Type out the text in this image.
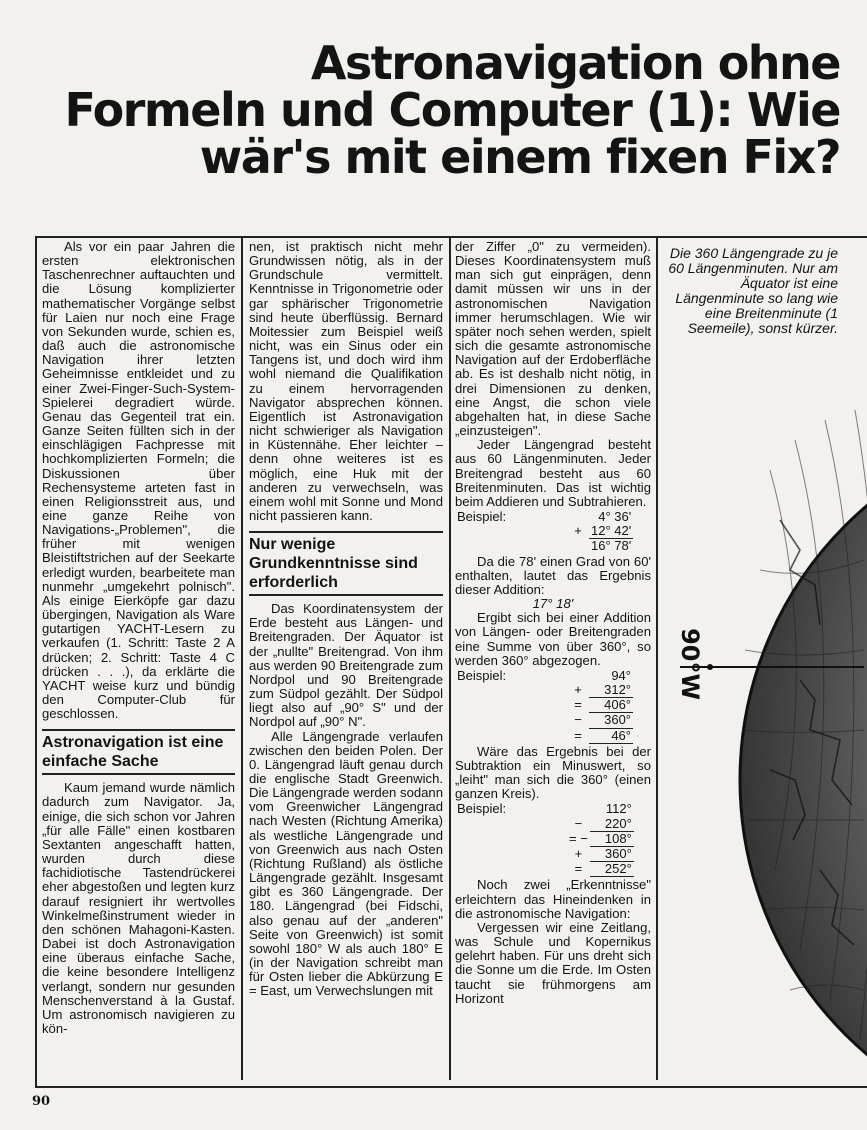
Astronavigation ohne
Formeln und Computer (1): Wie
wär's mit einem fixen Fix?

Als vor ein paar Jahren die ersten elektronischen Taschenrechner auftauchten und die Lösung komplizierter mathematischer Vorgänge selbst für Laien nur noch eine Frage von Sekunden wurde, schien es, daß auch die astronomische Navigation ihrer letzten Geheimnisse entkleidet und zu einer Zwei-Finger-Such-System-Spielerei degradiert würde. Genau das Gegenteil trat ein. Ganze Seiten füllten sich in der einschlägigen Fachpresse mit hochkomplizierten Formeln; die Diskussionen über Rechensysteme arteten fast in einen Religionsstreit aus, und eine ganze Reihe von Navigations-„Problemen", die früher mit wenigen Bleistiftstrichen auf der Seekarte erledigt wurden, bearbeitete man nunmehr „umgekehrt polnisch". Als einige Eierköpfe gar dazu übergingen, Navigation als Ware gutartigen YACHT-Lesern zu verkaufen (1. Schritt: Taste 2 A drücken; 2. Schritt: Taste 4 C drücken . . .), da erklärte die YACHT weise kurz und bündig den Computer-Club für geschlossen.

Astronavigation ist eine einfache Sache

Kaum jemand wurde nämlich dadurch zum Navigator. Ja, einige, die sich schon vor Jahren „für alle Fälle" einen kostbaren Sextanten angeschafft hatten, wurden durch diese fachidiotische Tastendrückerei eher abgestoßen und legten kurz darauf resigniert ihr wertvolles Winkelmeßinstrument wieder in den schönen Mahagoni-Kasten. Dabei ist doch Astronavigation eine überaus einfache Sache, die keine besondere Intelligenz verlangt, sondern nur gesunden Menschenverstand à la Gustaf. Um astronomisch navigieren zu kön-

nen, ist praktisch nicht mehr Grundwissen nötig, als in der Grundschule vermittelt. Kenntnisse in Trigonometrie oder gar sphärischer Trigonometrie sind heute überflüssig. Bernard Moitessier zum Beispiel weiß nicht, was ein Sinus oder ein Tangens ist, und doch wird ihm wohl niemand die Qualifikation zu einem hervorragenden Navigator absprechen können. Eigentlich ist Astronavigation nicht schwieriger als Navigation in Küstennähe. Eher leichter – denn ohne weiteres ist es möglich, eine Huk mit der anderen zu verwechseln, was einem wohl mit Sonne und Mond nicht passieren kann.

Nur wenige Grundkenntnisse sind erforderlich

Das Koordinatensystem der Erde besteht aus Längen- und Breitengraden. Der Äquator ist der „nullte" Breitengrad. Von ihm aus werden 90 Breitengrade zum Nordpol und 90 Breitengrade zum Südpol gezählt. Der Südpol liegt also auf „90° S" und der Nordpol auf „90° N".

Alle Längengrade verlaufen zwischen den beiden Polen. Der 0. Längengrad läuft genau durch die englische Stadt Greenwich. Die Längengrade werden sodann vom Greenwicher Längengrad nach Westen (Richtung Amerika) als westliche Längengrade und von Greenwich aus nach Osten (Richtung Rußland) als östliche Längengrade gezählt. Insgesamt gibt es 360 Längengrade. Der 180. Längengrad (bei Fidschi, also genau auf der „anderen" Seite von Greenwich) ist somit sowohl 180° W als auch 180° E (in der Navigation schreibt man für Osten lieber die Abkürzung E = East, um Verwechslungen mit

der Ziffer „0" zu vermeiden). Dieses Koordinatensystem muß man sich gut einprägen, denn damit müssen wir uns in der astronomischen Navigation immer herumschlagen. Wie wir später noch sehen werden, spielt sich die gesamte astronomische Navigation auf der Erdoberfläche ab. Es ist deshalb nicht nötig, in drei Dimensionen zu denken, eine Angst, die schon viele abgehalten hat, in diese Sache „einzusteigen".

Jeder Längengrad besteht aus 60 Längenminuten. Jeder Breitengrad besteht aus 60 Breitenminuten. Das ist wichtig beim Addieren und Subtrahieren.

Beispiel:		4° 36'
	+	12° 42'
		16° 78'

Da die 78' einen Grad von 60' enthalten, lautet das Ergebnis dieser Addition:

17° 18'

Ergibt sich bei einer Addition von Längen- oder Breitengraden eine Summe von über 360°, so werden 360° abgezogen.

Beispiel:		94°
	+	312°
	=	406°
	−	360°
	=	46°

Wäre das Ergebnis bei der Subtraktion ein Minuswert, so „leiht" man sich die 360° (einen ganzen Kreis).

Beispiel:		112°
	−	220°
	= −	108°
	+	360°
	=	252°

Noch zwei „Erkenntnisse" erleichtern das Hineindenken in die astronomische Navigation:

Vergessen wir eine Zeitlang, was Schule und Kopernikus gelehrt haben. Für uns dreht sich die Sonne um die Erde. Im Osten taucht sie frühmorgens am Horizont

Die 360 Längengrade zu je 60 Längenminuten. Nur am Äquator ist eine Längenminute so lang wie eine Breitenminute (1 Seemeile), sonst kürzer.
90°W
90
